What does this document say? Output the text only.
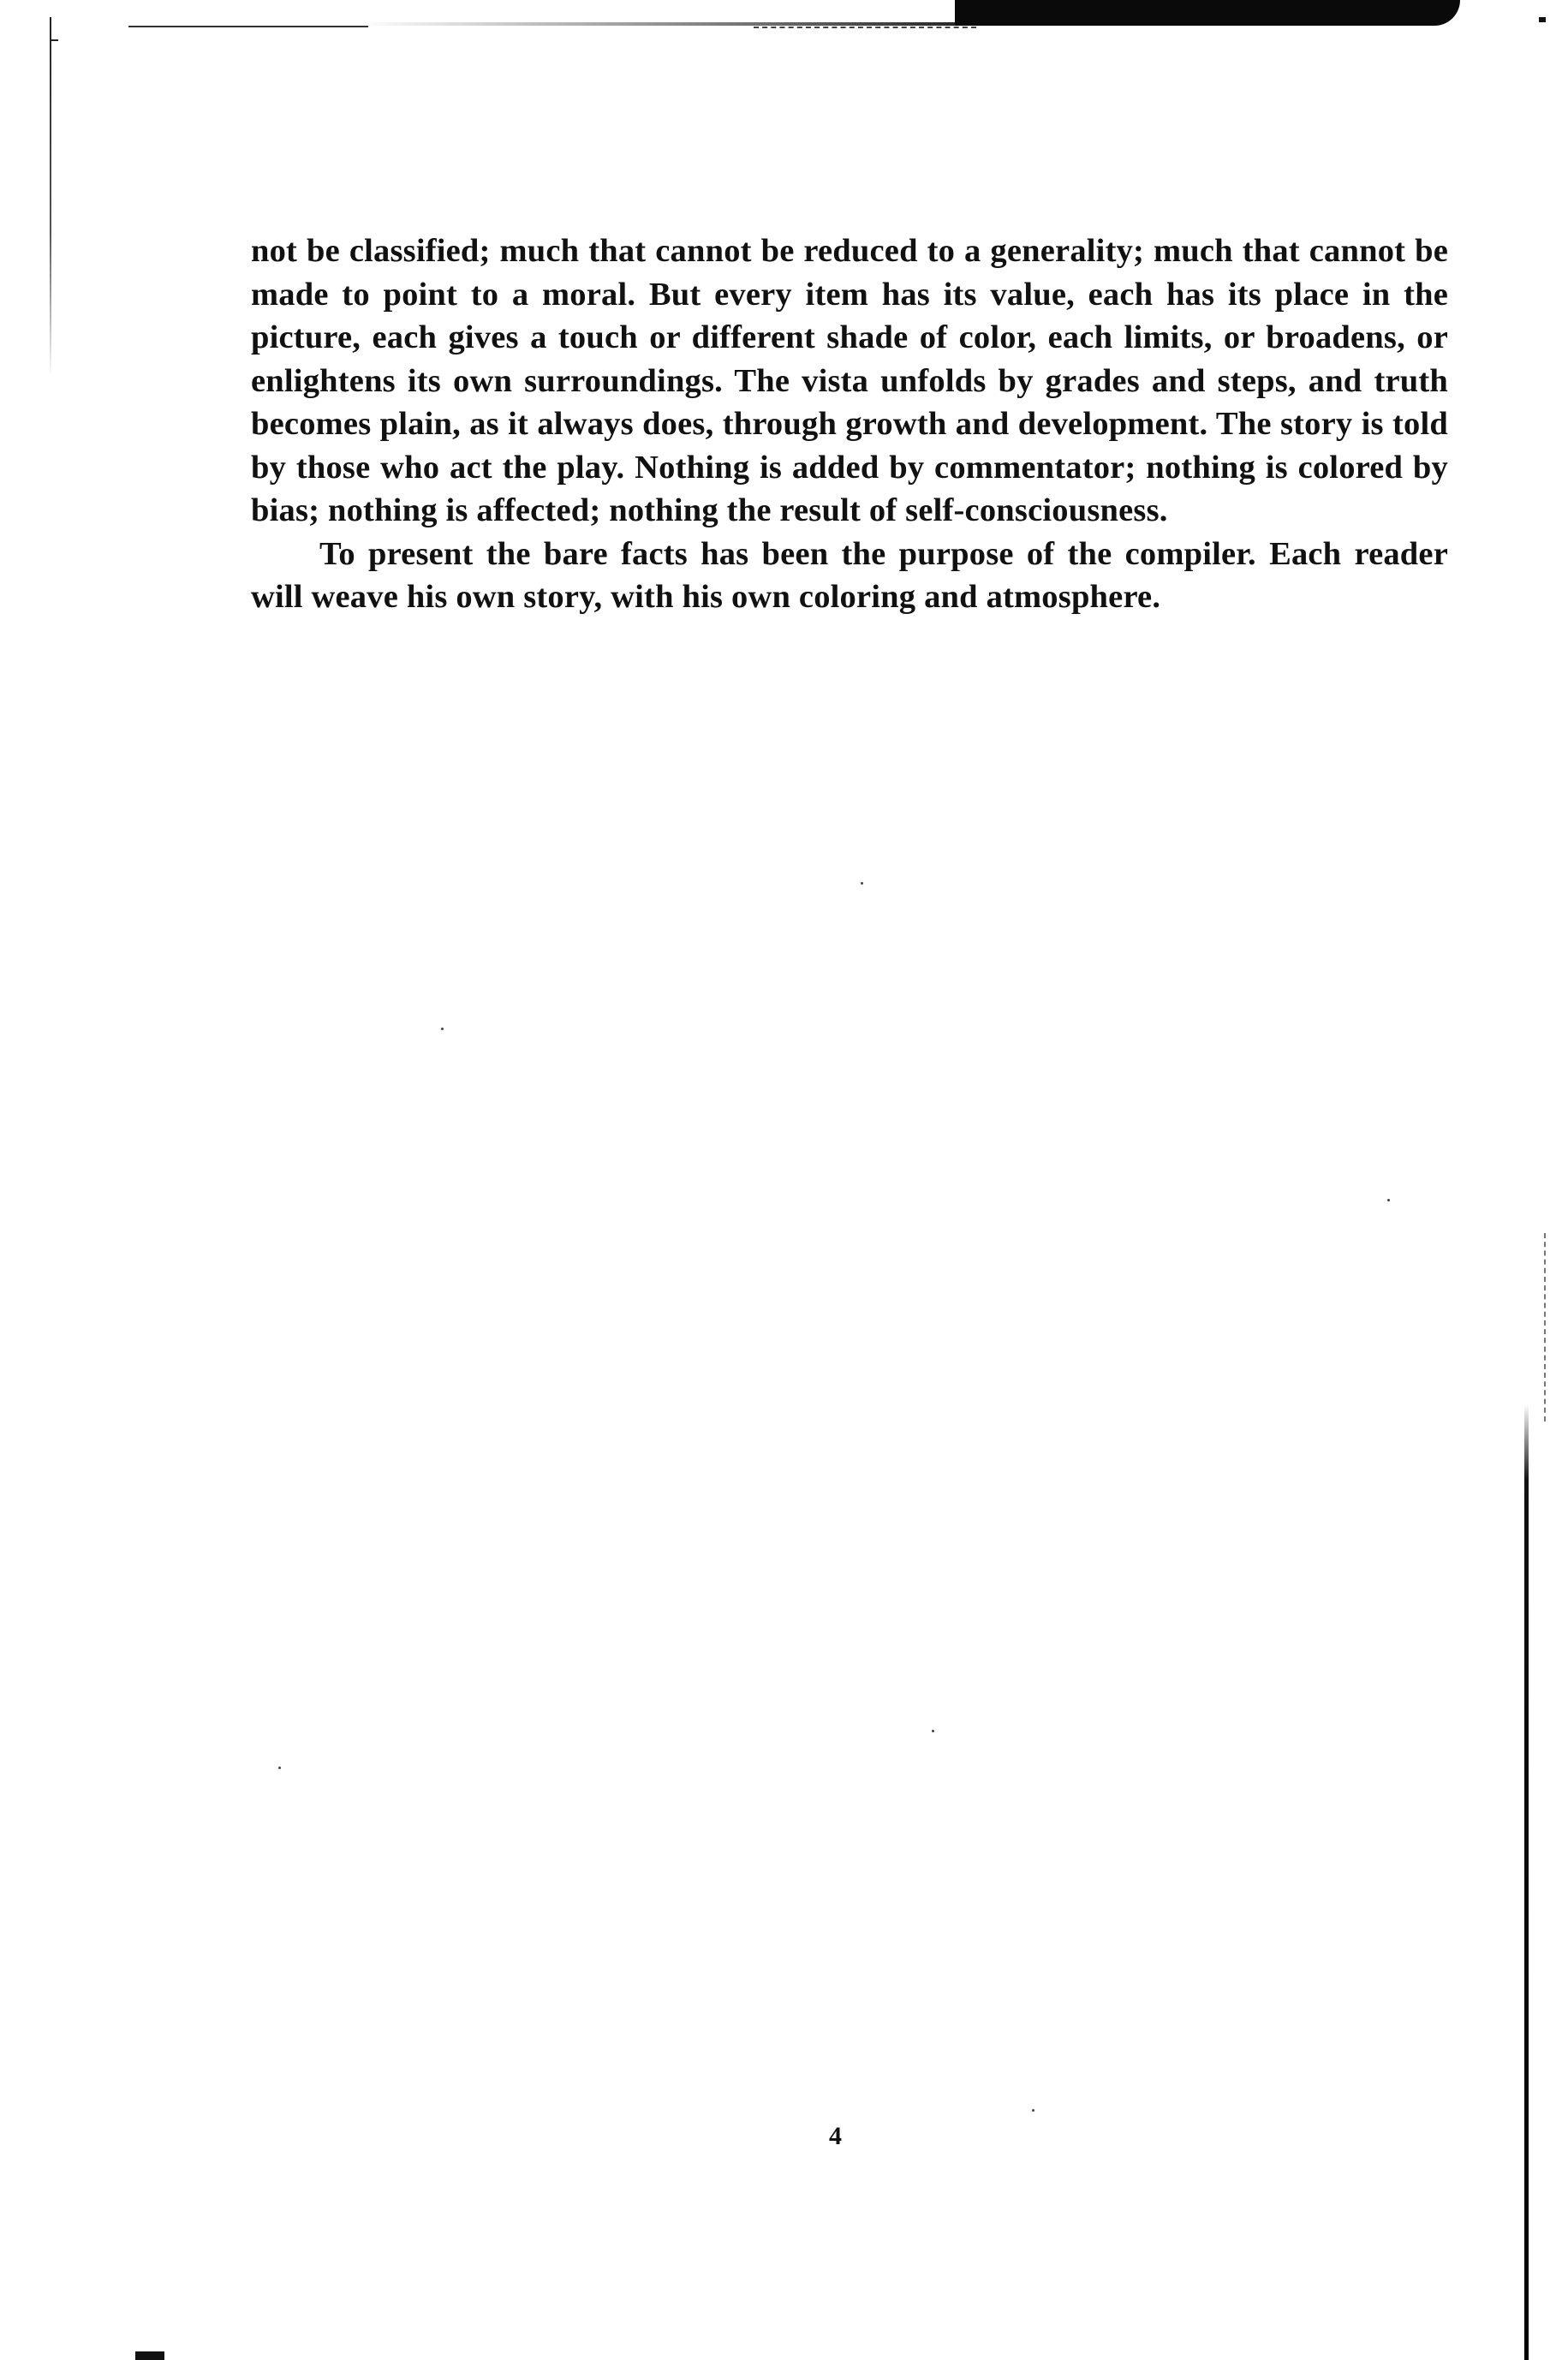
not be classified; much that cannot be reduced to a generality; much that cannot be made to point to a moral. But every item has its value, each has its place in the picture, each gives a touch or different shade of color, each limits, or broadens, or enlightens its own surroundings. The vista unfolds by grades and steps, and truth becomes plain, as it always does, through growth and development. The story is told by those who act the play. Nothing is added by commentator; nothing is colored by bias; nothing is affected; nothing the result of self-consciousness.

To present the bare facts has been the purpose of the compiler. Each reader will weave his own story, with his own coloring and atmosphere.

4
